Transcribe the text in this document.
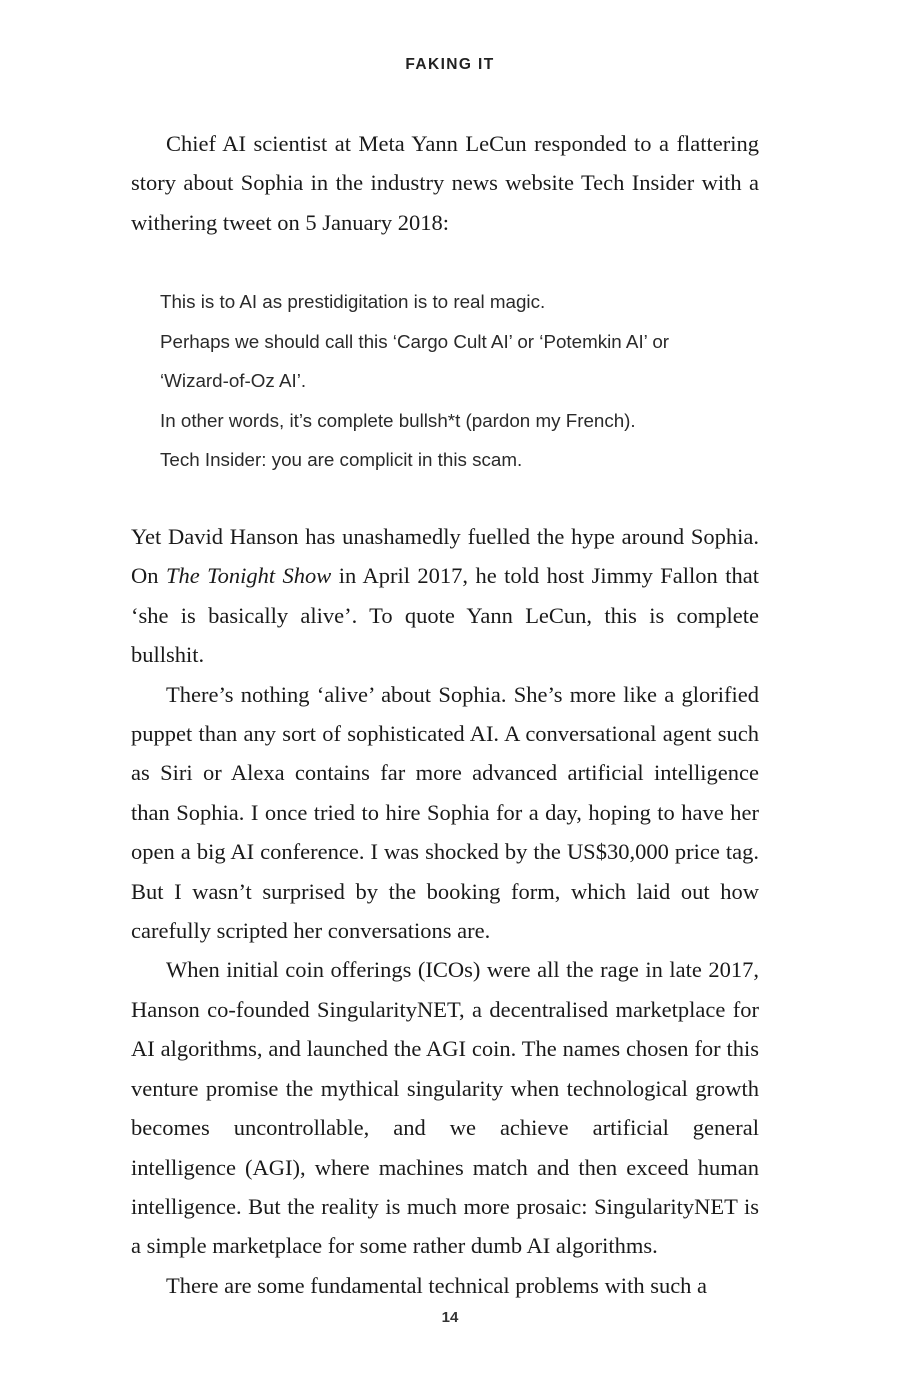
FAKING IT

Chief AI scientist at Meta Yann LeCun responded to a flattering story about Sophia in the industry news website Tech Insider with a withering tweet on 5 January 2018:

This is to AI as prestidigitation is to real magic.
Perhaps we should call this ‘Cargo Cult AI’ or ‘Potemkin AI’ or
‘Wizard-of-Oz AI’.
In other words, it’s complete bullsh*t (pardon my French).
Tech Insider: you are complicit in this scam.

Yet David Hanson has unashamedly fuelled the hype around Sophia. On The Tonight Show in April 2017, he told host Jimmy Fallon that ‘she is basically alive’. To quote Yann LeCun, this is complete bullshit.

There’s nothing ‘alive’ about Sophia. She’s more like a glorified puppet than any sort of sophisticated AI. A conversational agent such as Siri or Alexa contains far more advanced artificial intelligence than Sophia. I once tried to hire Sophia for a day, hoping to have her open a big AI conference. I was shocked by the US$30,000 price tag. But I wasn’t surprised by the booking form, which laid out how carefully scripted her conversations are.

When initial coin offerings (ICOs) were all the rage in late 2017, Hanson co-founded SingularityNET, a decentralised marketplace for AI algorithms, and launched the AGI coin. The names chosen for this venture promise the mythical singularity when technological growth becomes uncontrollable, and we achieve artificial general intelligence (AGI), where machines match and then exceed human intelligence. But the reality is much more prosaic: SingularityNET is a simple marketplace for some rather dumb AI algorithms.

There are some fundamental technical problems with such a

14
